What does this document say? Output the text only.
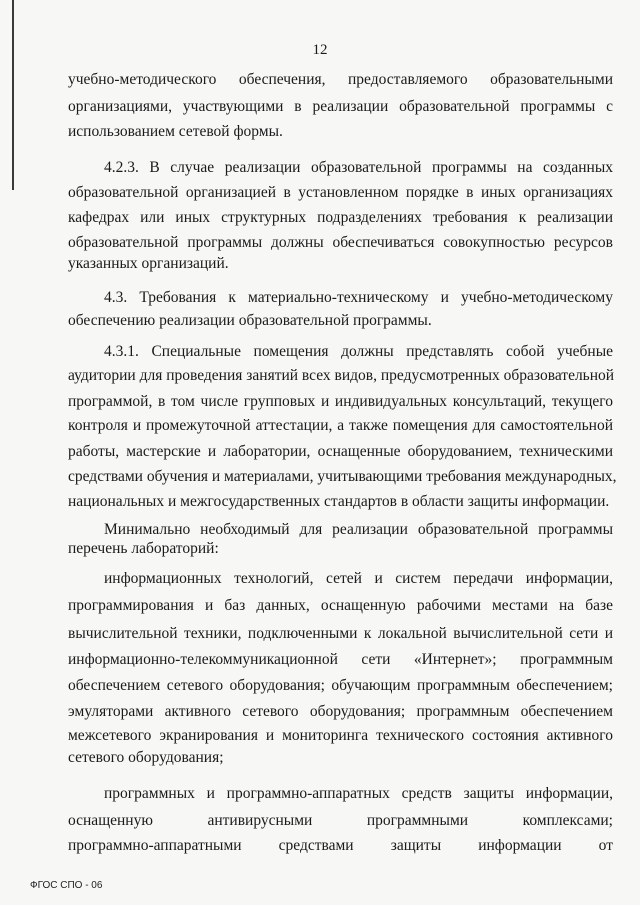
12
учебно-методического обеспечения, предоставляемого образовательными
организациями, участвующими в реализации образовательной программы с
использованием сетевой формы.
4.2.3. В случае реализации образовательной программы на созданных
образовательной организацией в установленном порядке в иных организациях
кафедрах или иных структурных подразделениях требования к реализации
образовательной программы должны обеспечиваться совокупностью ресурсов
указанных организаций.
4.3. Требования к материально-техническому и учебно-методическому
обеспечению реализации образовательной программы.
4.3.1. Специальные помещения должны представлять собой учебные
аудитории для проведения занятий всех видов, предусмотренных образовательной
программой, в том числе групповых и индивидуальных консультаций, текущего
контроля и промежуточной аттестации, а также помещения для самостоятельной
работы, мастерские и лаборатории, оснащенные оборудованием, техническими
средствами обучения и материалами, учитывающими требования международных,
национальных и межгосударственных стандартов в области защиты информации.
Минимально необходимый для реализации образовательной программы
перечень лабораторий:
информационных технологий, сетей и систем передачи информации,
программирования и баз данных, оснащенную рабочими местами на базе
вычислительной техники, подключенными к локальной вычислительной сети и
информационно-телекоммуникационной сети «Интернет»; программным
обеспечением сетевого оборудования; обучающим программным обеспечением;
эмуляторами активного сетевого оборудования; программным обеспечением
межсетевого экранирования и мониторинга технического состояния активного
сетевого оборудования;
программных и программно-аппаратных средств защиты информации,
оснащенную антивирусными программными комплексами;
программно-аппаратными средствами защиты информации от
ФГОС СПО - 06
